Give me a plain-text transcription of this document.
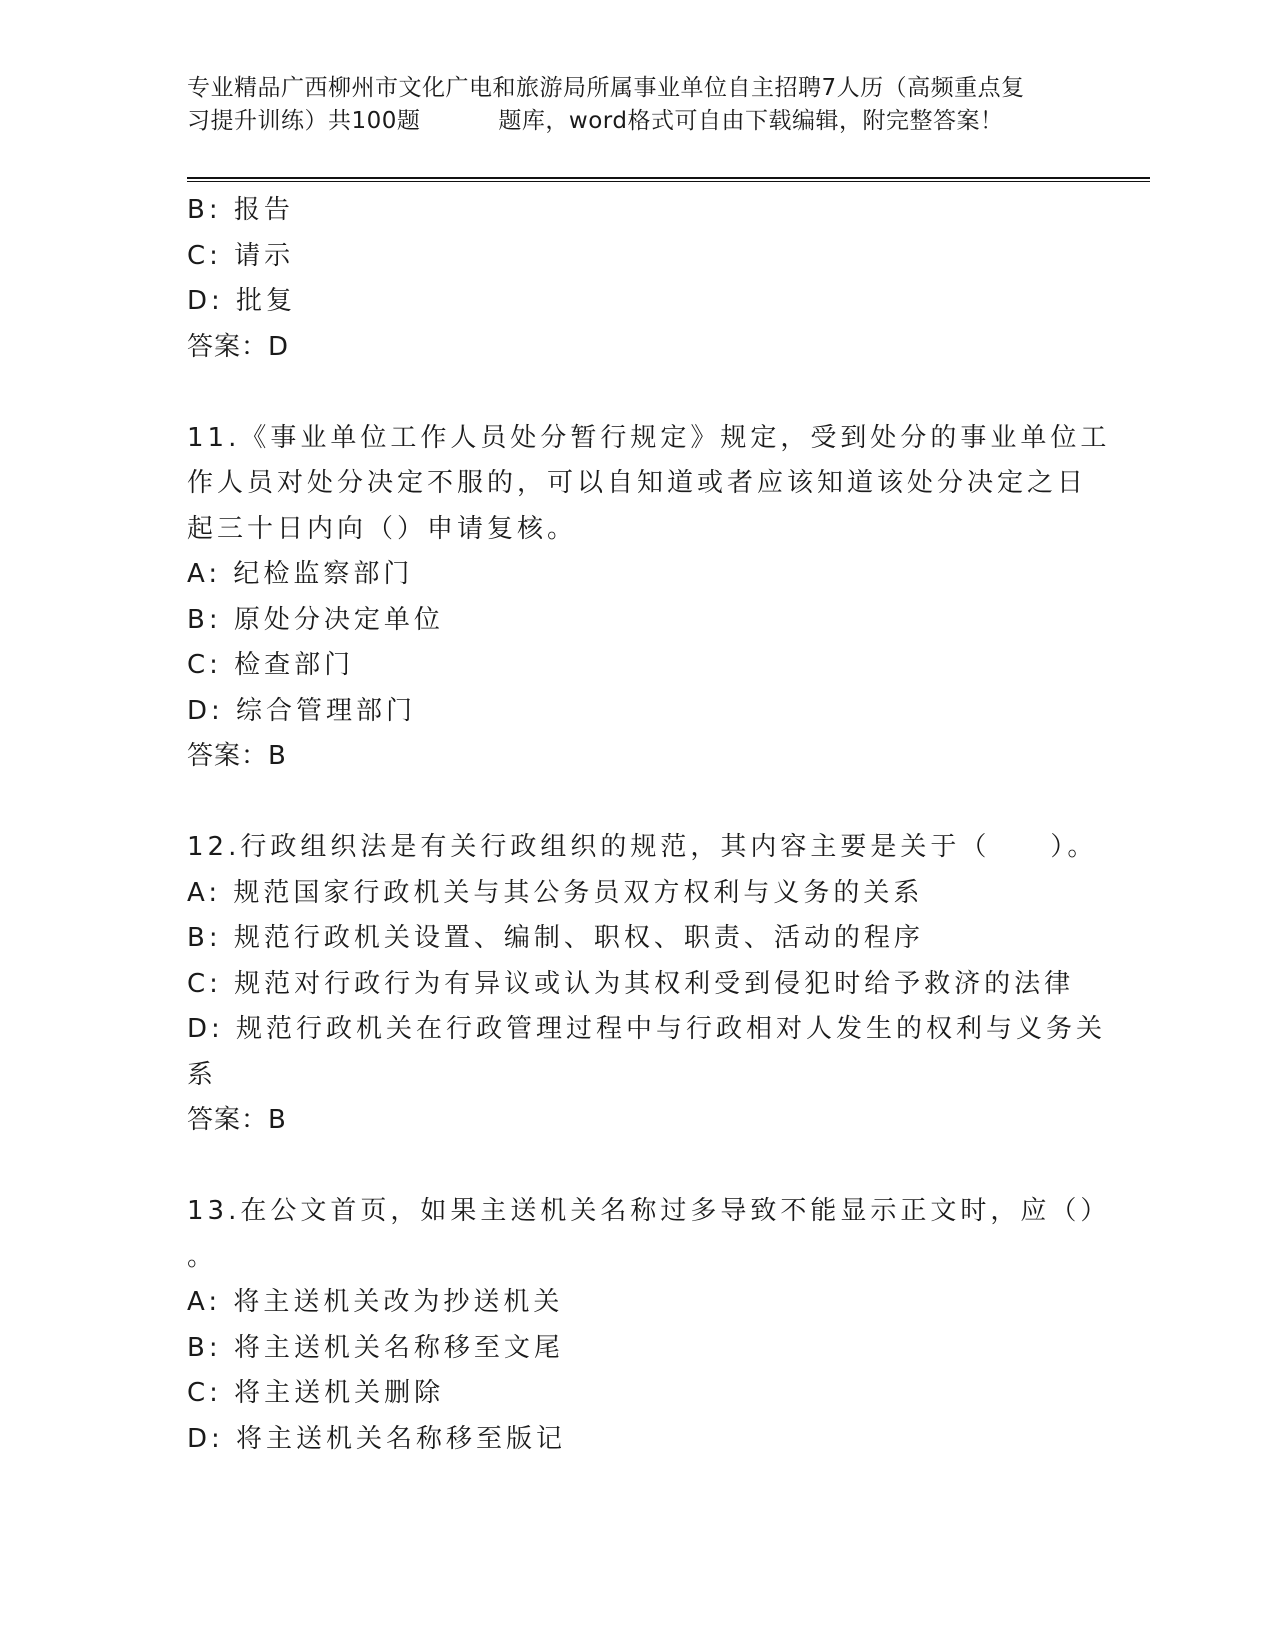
专业精品广西柳州市文化广电和旅游局所属事业单位自主招聘7人历（高频重点复
习提升训练）共100题	题库，word格式可自由下载编辑，附完整答案！
B: 报告
C: 请示
D: 批复
答案：D
11.《事业单位工作人员处分暂行规定》规定，受到处分的事业单位工
作人员对处分决定不服的，可以自知道或者应该知道该处分决定之日
起三十日内向（）申请复核。
A: 纪检监察部门
B: 原处分决定单位
C: 检查部门
D: 综合管理部门
答案：B
12.行政组织法是有关行政组织的规范，其内容主要是关于（　　）。
A: 规范国家行政机关与其公务员双方权利与义务的关系
B: 规范行政机关设置、编制、职权、职责、活动的程序
C: 规范对行政行为有异议或认为其权利受到侵犯时给予救济的法律
D: 规范行政机关在行政管理过程中与行政相对人发生的权利与义务关
系
答案：B
13.在公文首页，如果主送机关名称过多导致不能显示正文时，应（）
。
A: 将主送机关改为抄送机关
B: 将主送机关名称移至文尾
C: 将主送机关删除
D: 将主送机关名称移至版记
